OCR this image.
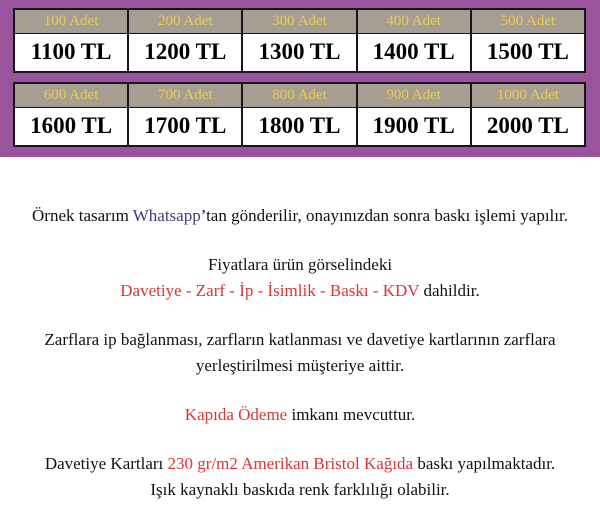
100 Adet	200 Adet	300 Adet	400 Adet	500 Adet
1100 TL	1200 TL	1300 TL	1400 TL	1500 TL
600 Adet	700 Adet	800 Adet	900 Adet	1000 Adet
1600 TL	1700 TL	1800 TL	1900 TL	2000 TL

Örnek tasarım Whatsapp’tan gönderilir, onayınızdan sonra baskı işlemi yapılır.

Fiyatlara ürün görselindeki
Davetiye - Zarf - İp - İsimlik - Baskı - KDV dahildir.

Zarflara ip bağlanması, zarfların katlanması ve davetiye kartlarının zarflara
yerleştirilmesi müşteriye aittir.

Kapıda Ödeme imkanı mevcuttur.

Davetiye Kartları 230 gr/m2 Amerikan Bristol Kağıda baskı yapılmaktadır.
Işık kaynaklı baskıda renk farklılığı olabilir.
